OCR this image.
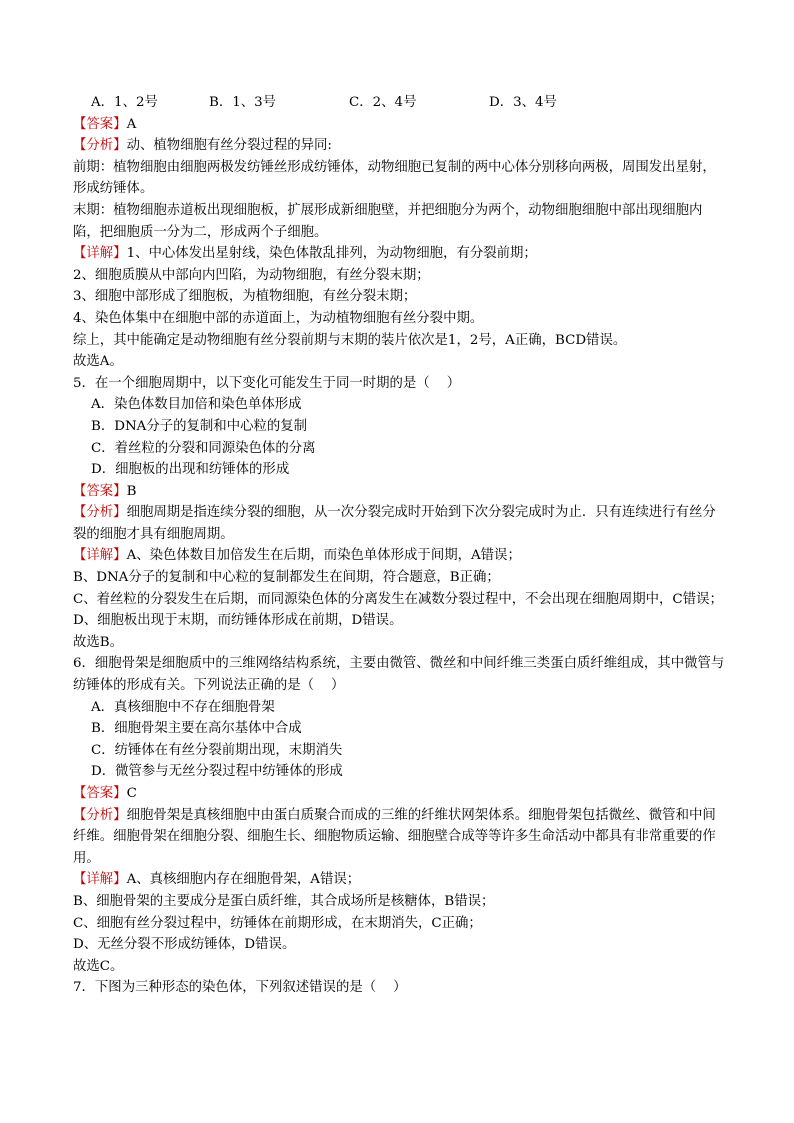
A．1、2号	B．1、3号	C．2、4号	D．3、4号
【答案】A
【分析】动、植物细胞有丝分裂过程的异同:
前期：植物细胞由细胞两极发纺锤丝形成纺锤体，动物细胞已复制的两中心体分别移向两极，周围发出星射，形成纺锤体。
末期：植物细胞赤道板出现细胞板，扩展形成新细胞壁，并把细胞分为两个，动物细胞细胞中部出现细胞内陷，把细胞质一分为二，形成两个子细胞。
【详解】1、中心体发出星射线，染色体散乱排列，为动物细胞，有分裂前期；
2、细胞质膜从中部向内凹陷，为动物细胞，有丝分裂末期；
3、细胞中部形成了细胞板，为植物细胞，有丝分裂末期；
4、染色体集中在细胞中部的赤道面上，为动植物细胞有丝分裂中期。
综上，其中能确定是动物细胞有丝分裂前期与末期的装片依次是1，2号，A正确，BCD错误。
故选A。
5．在一个细胞周期中，以下变化可能发生于同一时期的是（    ）
A．染色体数目加倍和染色单体形成
B．DNA分子的复制和中心粒的复制
C．着丝粒的分裂和同源染色体的分离
D．细胞板的出现和纺锤体的形成
【答案】B
【分析】细胞周期是指连续分裂的细胞，从一次分裂完成时开始到下次分裂完成时为止．只有连续进行有丝分裂的细胞才具有细胞周期。
【详解】A、染色体数目加倍发生在后期，而染色单体形成于间期，A错误；
B、DNA分子的复制和中心粒的复制都发生在间期，符合题意，B正确；
C、着丝粒的分裂发生在后期，而同源染色体的分离发生在减数分裂过程中，不会出现在细胞周期中，C错误；
D、细胞板出现于末期，而纺锤体形成在前期，D错误。
故选B。
6．细胞骨架是细胞质中的三维网络结构系统，主要由微管、微丝和中间纤维三类蛋白质纤维组成，其中微管与纺锤体的形成有关。下列说法正确的是（    ）
A．真核细胞中不存在细胞骨架
B．细胞骨架主要在高尔基体中合成
C．纺锤体在有丝分裂前期出现，末期消失
D．微管参与无丝分裂过程中纺锤体的形成
【答案】C
【分析】细胞骨架是真核细胞中由蛋白质聚合而成的三维的纤维状网架体系。细胞骨架包括微丝、微管和中间纤维。细胞骨架在细胞分裂、细胞生长、细胞物质运输、细胞壁合成等等许多生命活动中都具有非常重要的作用。
【详解】A、真核细胞内存在细胞骨架，A错误；
B、细胞骨架的主要成分是蛋白质纤维，其合成场所是核糖体，B错误；
C、细胞有丝分裂过程中，纺锤体在前期形成，在末期消失，C正确；
D、无丝分裂不形成纺锤体，D错误。
故选C。
7．下图为三种形态的染色体，下列叙述错误的是（    ）
